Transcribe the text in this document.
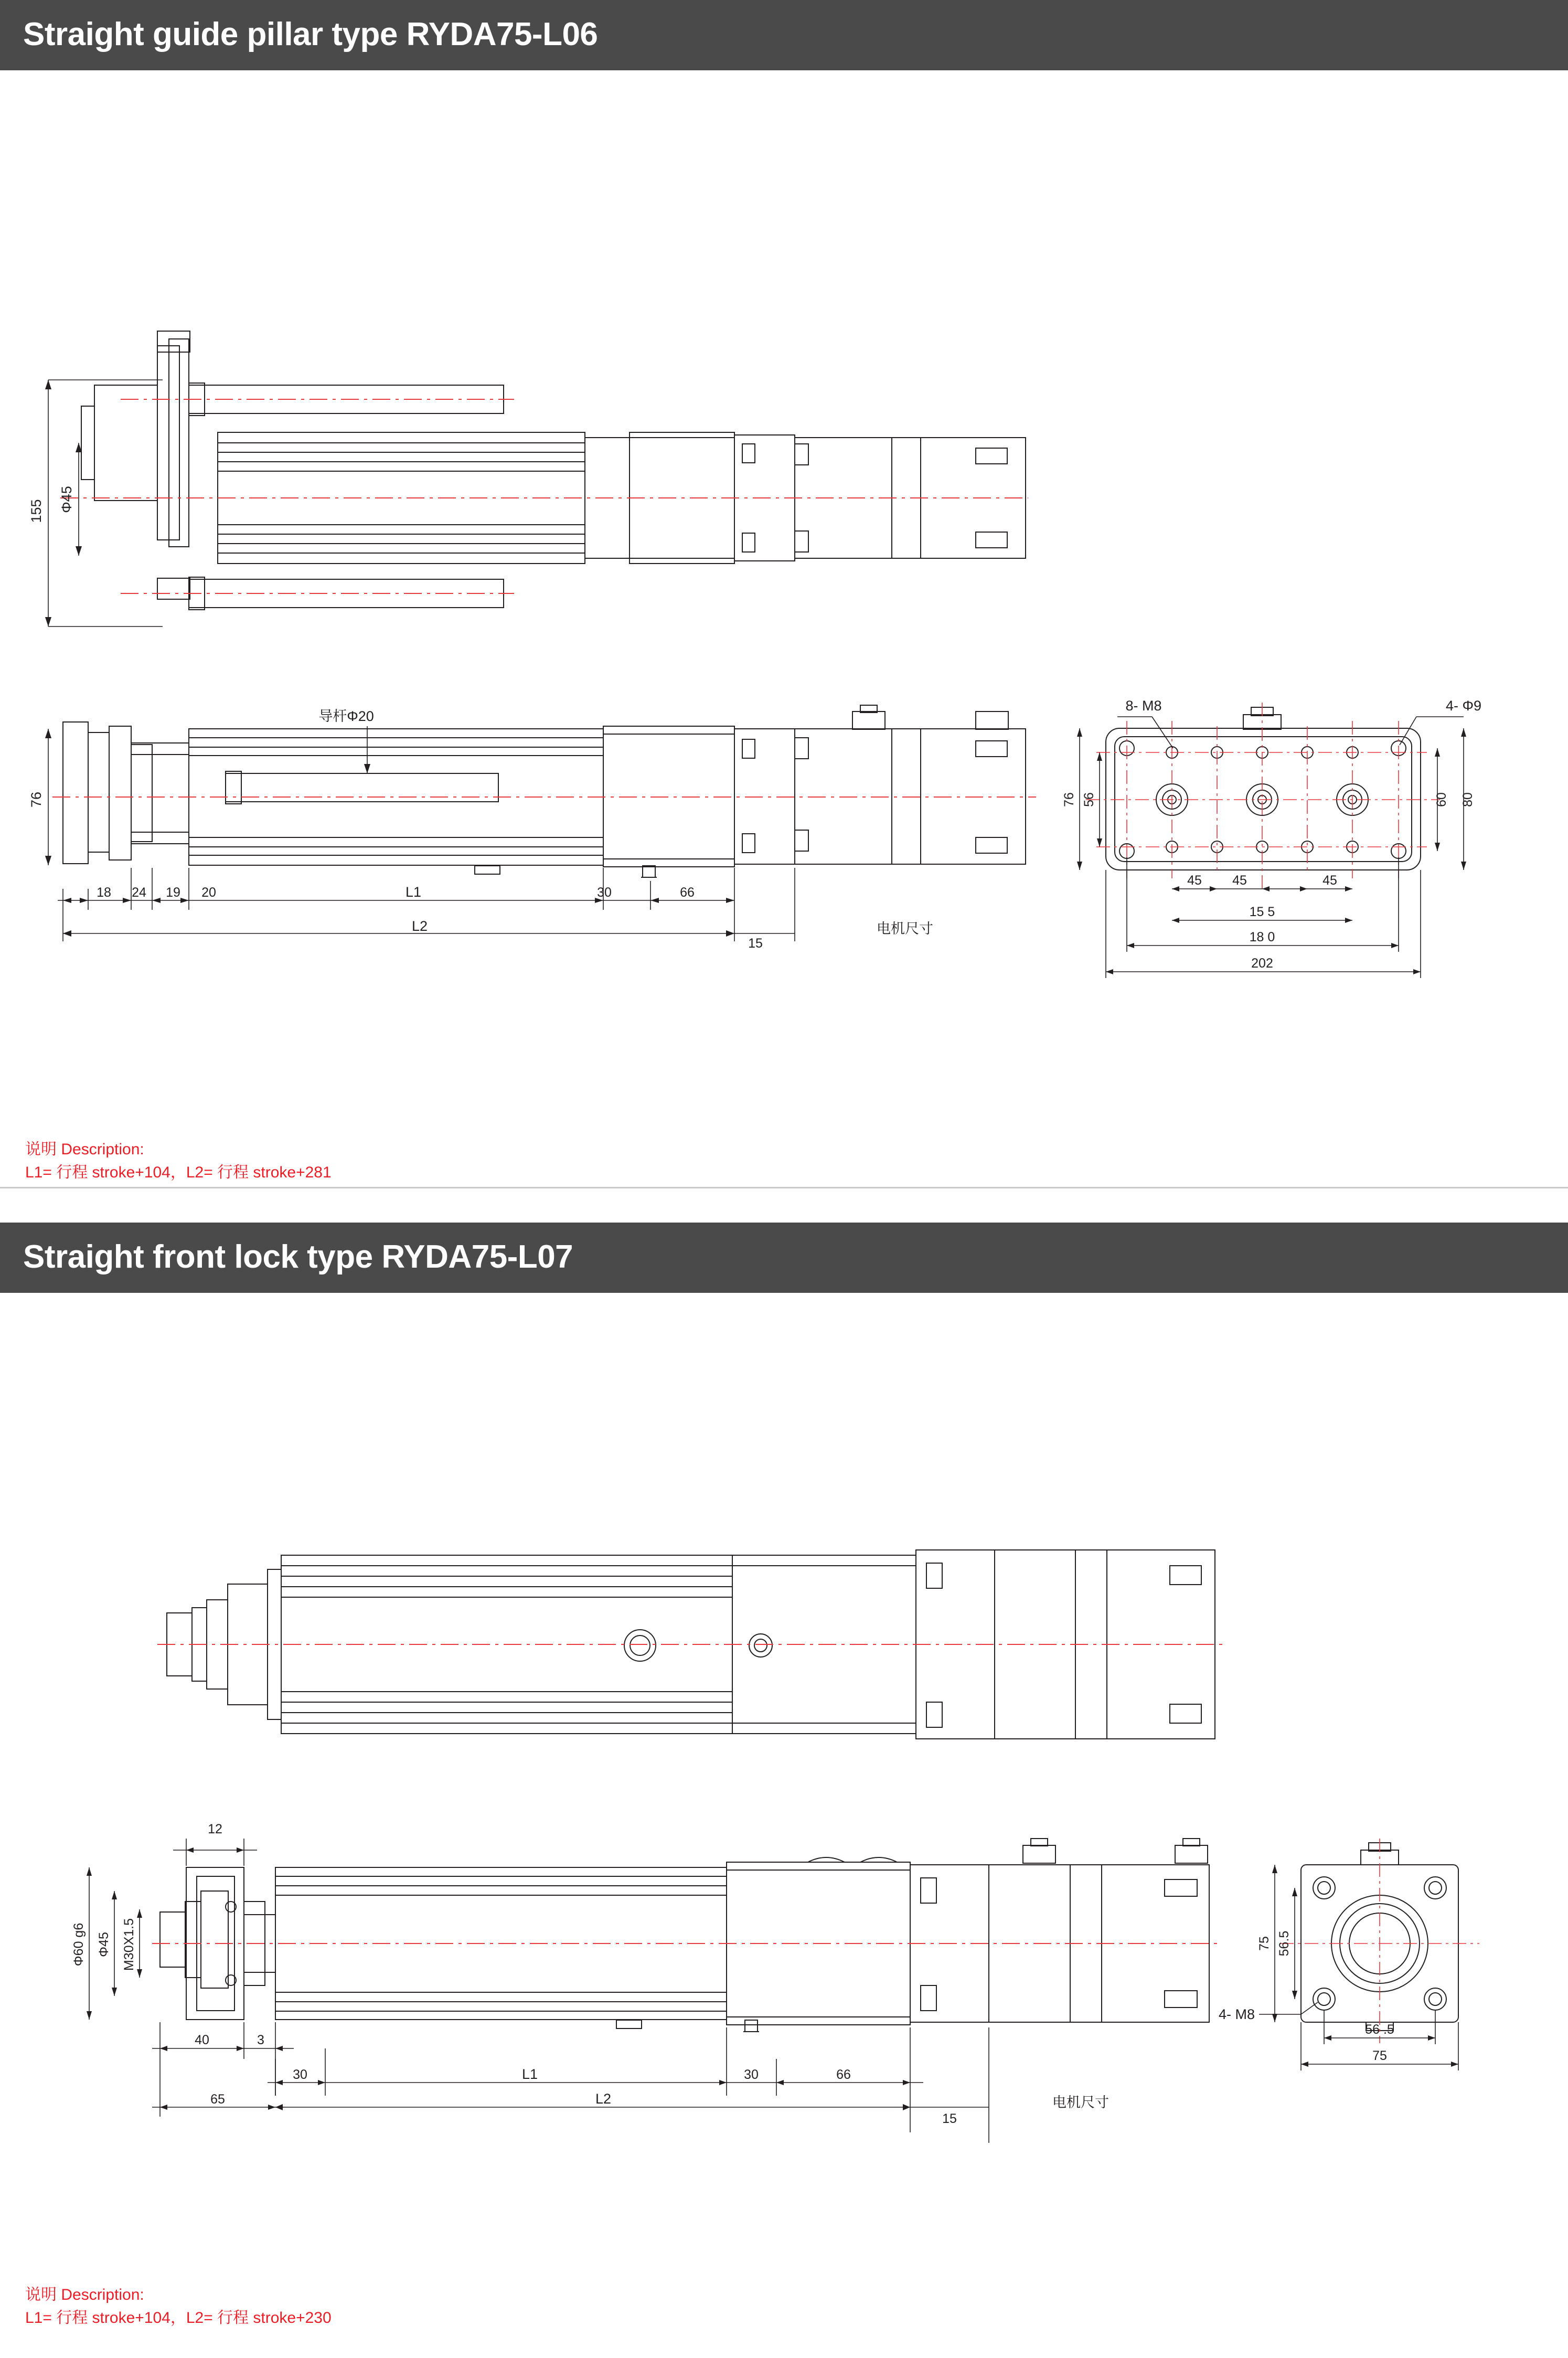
Straight guide pillar type RYDA75-L06
155 Φ45
76
导杆Φ20
18 24 19 20	L1	30	66
L2
15
电机尺寸
8- M8	4- Φ9
76 56	60 80
45 45	45
15 5
18 0
202
说明 Description:
L1= 行程 stroke+104，L2= 行程 stroke+281
Straight front lock type RYDA75-L07
12
Φ60 g6 Φ45 M30X1.5
40	3
30	L1	30	66
65	L2
15
电机尺寸
75 56.5
56 .5
75
4- M8
说明 Description:
L1= 行程 stroke+104，L2= 行程 stroke+230
